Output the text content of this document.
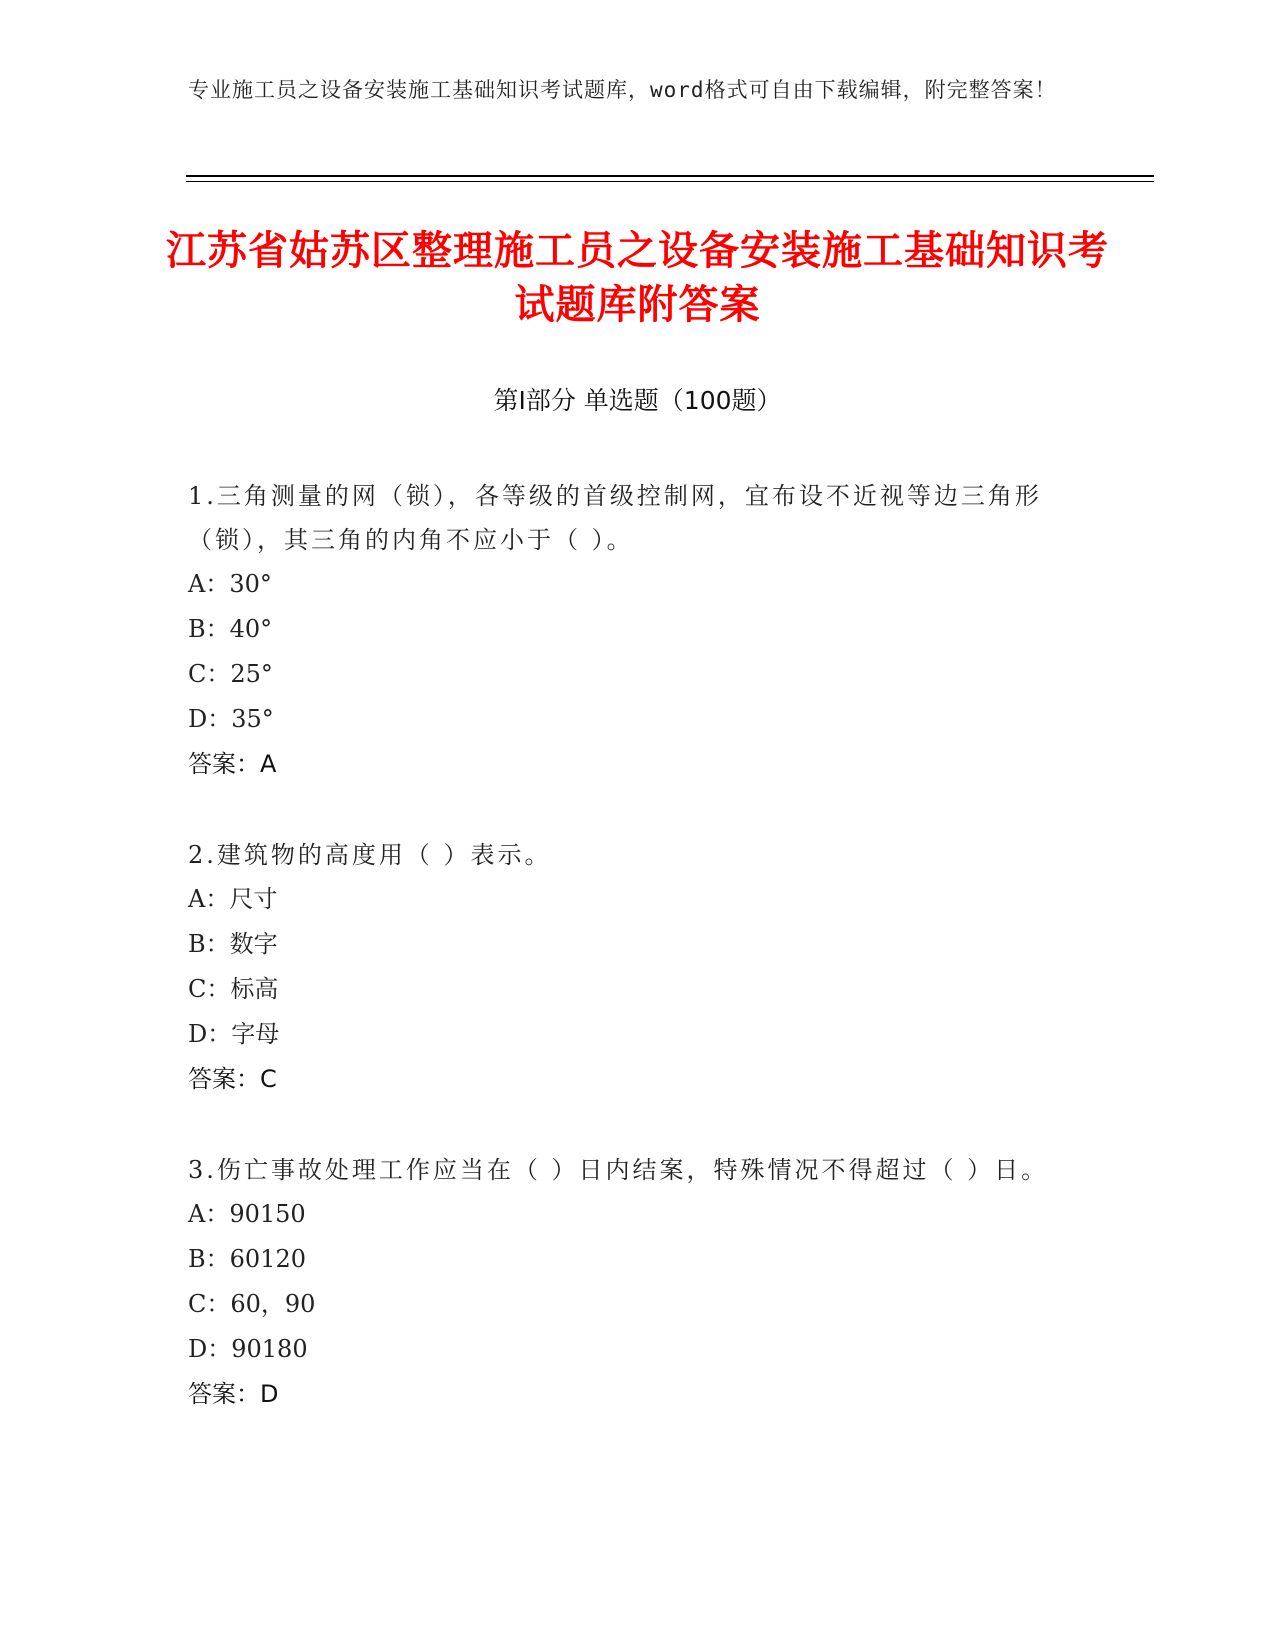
专业施工员之设备安装施工基础知识考试题库，word格式可自由下载编辑，附完整答案！
江苏省姑苏区整理施工员之设备安装施工基础知识考试题库附答案
第Ⅰ部分 单选题（100题）
1.三角测量的网（锁），各等级的首级控制网，宜布设不近视等边三角形（锁），其三角的内角不应小于（ ）。
A：30°
B：40°
C：25°
D：35°
答案：A
2.建筑物的高度用（ ）表示。
A：尺寸
B：数字
C：标高
D：字母
答案：C
3.伤亡事故处理工作应当在（ ）日内结案，特殊情况不得超过（ ）日。
A：90150
B：60120
C：60，90
D：90180
答案：D
